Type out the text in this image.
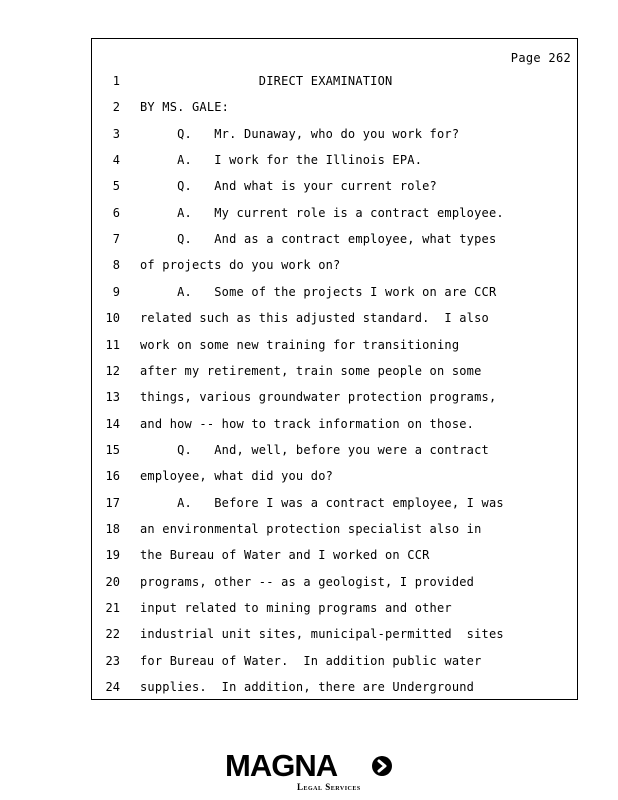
Page 262
1 DIRECT EXAMINATION
2 BY MS. GALE:
3 Q.   Mr. Dunaway, who do you work for?
4 A.   I work for the Illinois EPA.
5 Q.   And what is your current role?
6 A.   My current role is a contract employee.
7 Q.   And as a contract employee, what types
8 of projects do you work on?
9 A.   Some of the projects I work on are CCR
10 related such as this adjusted standard.  I also
11 work on some new training for transitioning
12 after my retirement, train some people on some
13 things, various groundwater protection programs,
14 and how -- how to track information on those.
15 Q.   And, well, before you were a contract
16 employee, what did you do?
17 A.   Before I was a contract employee, I was
18 an environmental protection specialist also in
19 the Bureau of Water and I worked on CCR
20 programs, other -- as a geologist, I provided
21 input related to mining programs and other
22 industrial unit sites, municipal-permitted  sites
23 for Bureau of Water.  In addition public water
24 supplies.  In addition, there are Underground
MAGNA
Legal Services
